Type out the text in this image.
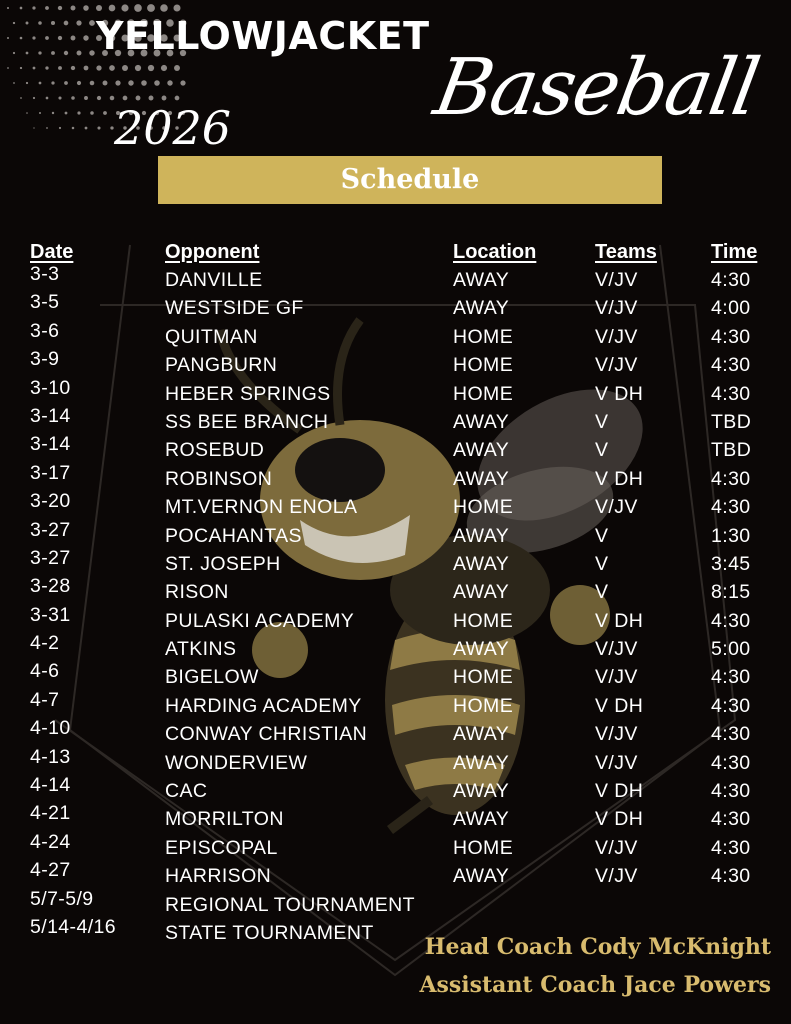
YELLOWJACKET
Baseball
2026
Schedule
Date	Opponent	Location	Teams	Time
3-3	DANVILLE	AWAY	V/JV	4:30
3-5	WESTSIDE GF	AWAY	V/JV	4:00
3-6	QUITMAN	HOME	V/JV	4:30
3-9	PANGBURN	HOME	V/JV	4:30
3-10	HEBER SPRINGS	HOME	V DH	4:30
3-14	SS BEE BRANCH	AWAY	V	TBD
3-14	ROSEBUD	AWAY	V	TBD
3-17	ROBINSON	AWAY	V DH	4:30
3-20	MT.VERNON ENOLA	HOME	V/JV	4:30
3-27	POCAHANTAS	AWAY	V	1:30
3-27	ST. JOSEPH	AWAY	V	3:45
3-28	RISON	AWAY	V	8:15
3-31	PULASKI ACADEMY	HOME	V DH	4:30
4-2	ATKINS	AWAY	V/JV	5:00
4-6	BIGELOW	HOME	V/JV	4:30
4-7	HARDING ACADEMY	HOME	V DH	4:30
4-10	CONWAY CHRISTIAN	AWAY	V/JV	4:30
4-13	WONDERVIEW	AWAY	V/JV	4:30
4-14	CAC	AWAY	V DH	4:30
4-21	MORRILTON	AWAY	V DH	4:30
4-24	EPISCOPAL	HOME	V/JV	4:30
4-27	HARRISON	AWAY	V/JV	4:30
5/7-5/9	REGIONAL TOURNAMENT
5/14-4/16	STATE TOURNAMENT
Head Coach Cody McKnight
Assistant Coach Jace Powers
